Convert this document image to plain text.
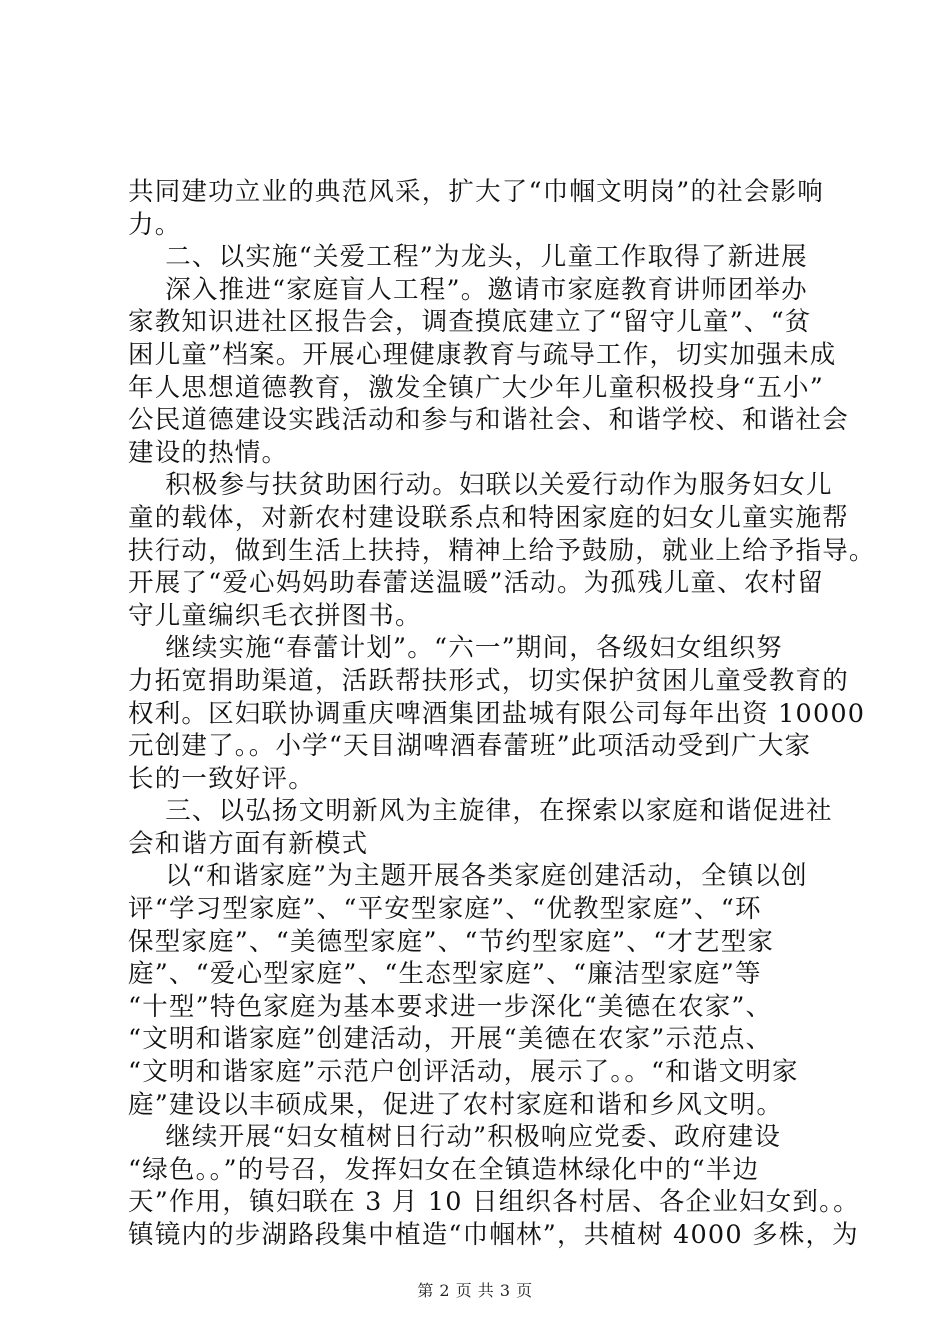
共同建功立业的典范风采，扩大了“巾帼文明岗”的社会影响
力。
二、以实施“关爱工程”为龙头，儿童工作取得了新进展
深入推进“家庭盲人工程”。邀请市家庭教育讲师团举办
家教知识进社区报告会，调查摸底建立了“留守儿童”、“贫
困儿童”档案。开展心理健康教育与疏导工作，切实加强未成
年人思想道德教育，激发全镇广大少年儿童积极投身“五小”
公民道德建设实践活动和参与和谐社会、和谐学校、和谐社会
建设的热情。
积极参与扶贫助困行动。妇联以关爱行动作为服务妇女儿
童的载体，对新农村建设联系点和特困家庭的妇女儿童实施帮
扶行动，做到生活上扶持，精神上给予鼓励，就业上给予指导。
开展了“爱心妈妈助春蕾送温暖”活动。为孤残儿童、农村留
守儿童编织毛衣拼图书。
继续实施“春蕾计划”。“六一”期间，各级妇女组织努
力拓宽捐助渠道，活跃帮扶形式，切实保护贫困儿童受教育的
权利。区妇联协调重庆啤酒集团盐城有限公司每年出资 10000
元创建了。。小学“天目湖啤酒春蕾班”此项活动受到广大家
长的一致好评。
三、以弘扬文明新风为主旋律，在探索以家庭和谐促进社
会和谐方面有新模式
以“和谐家庭”为主题开展各类家庭创建活动，全镇以创
评“学习型家庭”、“平安型家庭”、“优教型家庭”、“环
保型家庭”、“美德型家庭”、“节约型家庭”、“才艺型家
庭”、“爱心型家庭”、“生态型家庭”、“廉洁型家庭”等
“十型”特色家庭为基本要求进一步深化“美德在农家”、
“文明和谐家庭”创建活动，开展“美德在农家”示范点、
“文明和谐家庭”示范户创评活动，展示了。。“和谐文明家
庭”建设以丰硕成果，促进了农村家庭和谐和乡风文明。
继续开展“妇女植树日行动”积极响应党委、政府建设
“绿色。。”的号召，发挥妇女在全镇造林绿化中的“半边
天”作用，镇妇联在 3 月 10 日组织各村居、各企业妇女到。。
镇镜内的步湖路段集中植造“巾帼林”，共植树 4000 多株，为
第 2 页 共 3 页
